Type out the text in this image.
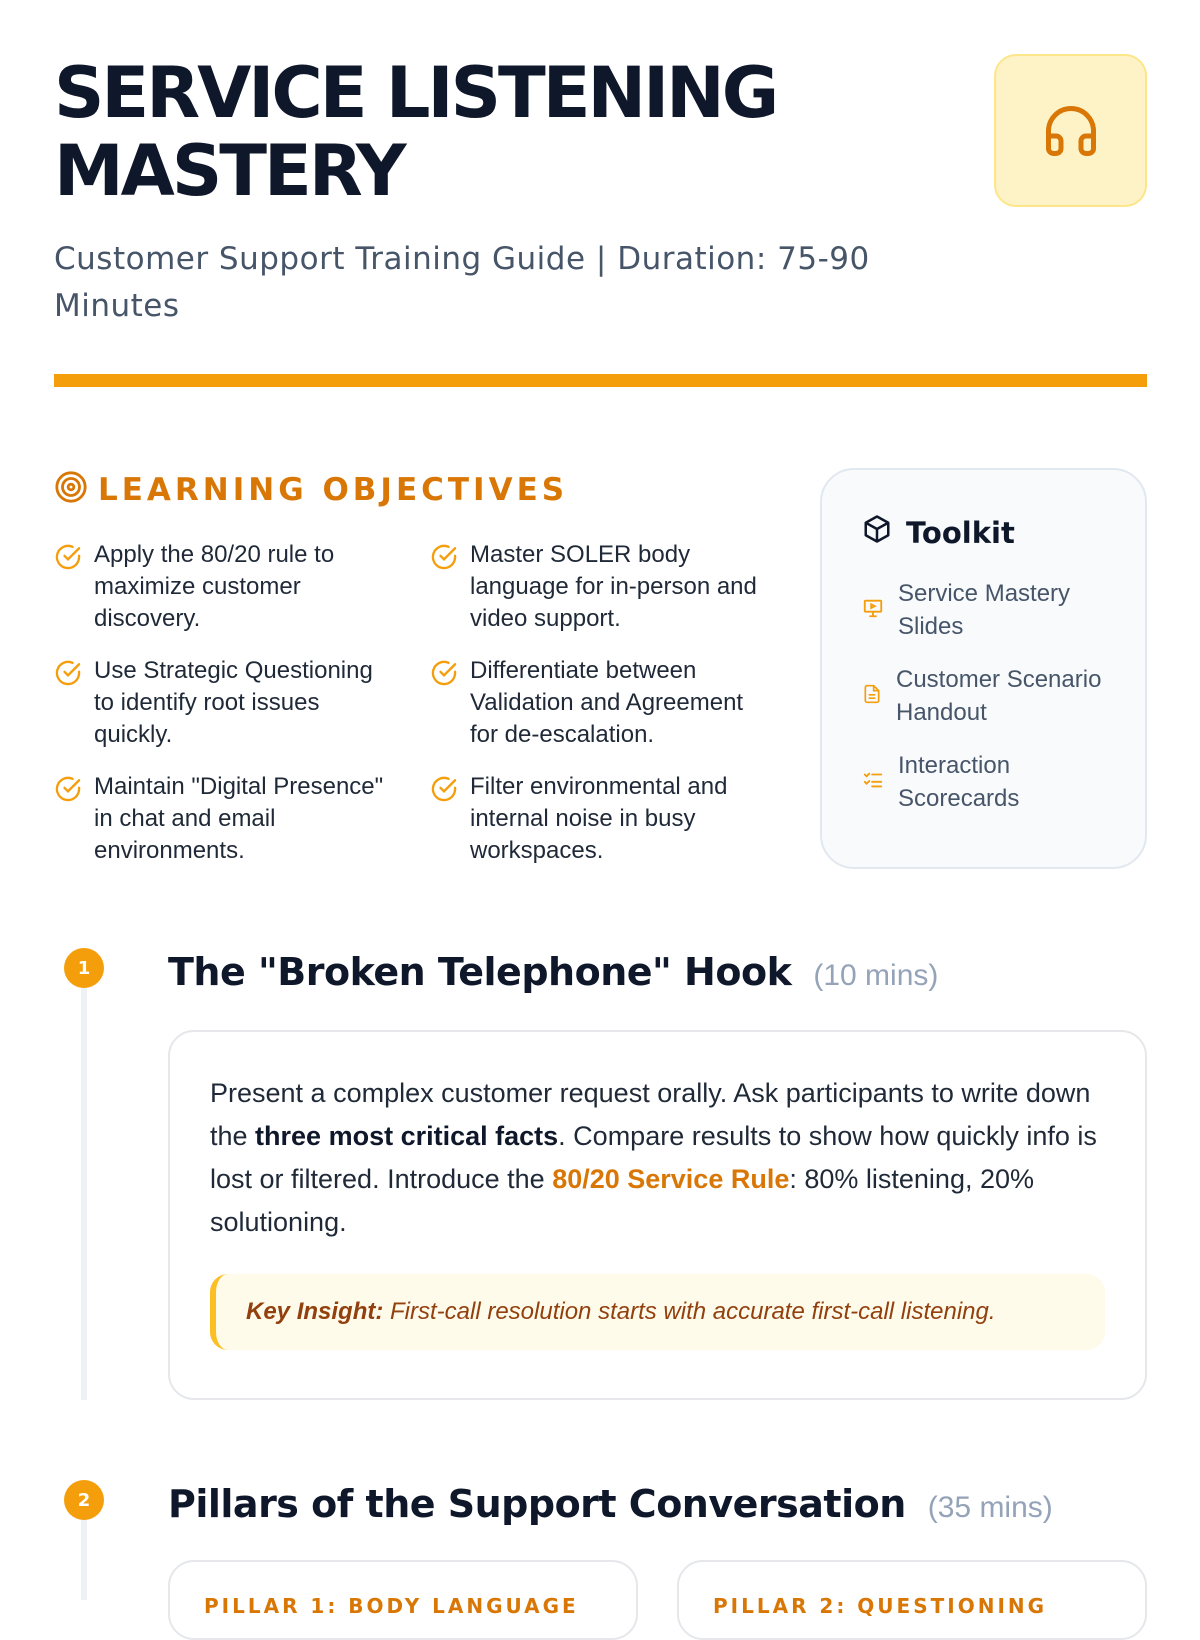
SERVICE LISTENING MASTERY
Customer Support Training Guide | Duration: 75-90 Minutes
LEARNING OBJECTIVES
Apply the 80/20 rule to maximize customer discovery.
Master SOLER body language for in-person and video support.
Use Strategic Questioning to identify root issues quickly.
Differentiate between Validation and Agreement for de-escalation.
Maintain "Digital Presence" in chat and email environments.
Filter environmental and internal noise in busy workspaces.
Toolkit
Service Mastery Slides
Customer Scenario Handout
Interaction Scorecards
1	The "Broken Telephone" Hook (10 mins)

Present a complex customer request orally. Ask participants to write down the three most critical facts. Compare results to show how quickly info is lost or filtered. Introduce the 80/20 Service Rule: 80% listening, 20% solutioning.

Key Insight: First-call resolution starts with accurate first-call listening.
2	Pillars of the Support Conversation (35 mins)
PILLAR 1: BODY LANGUAGE	PILLAR 2: QUESTIONING
